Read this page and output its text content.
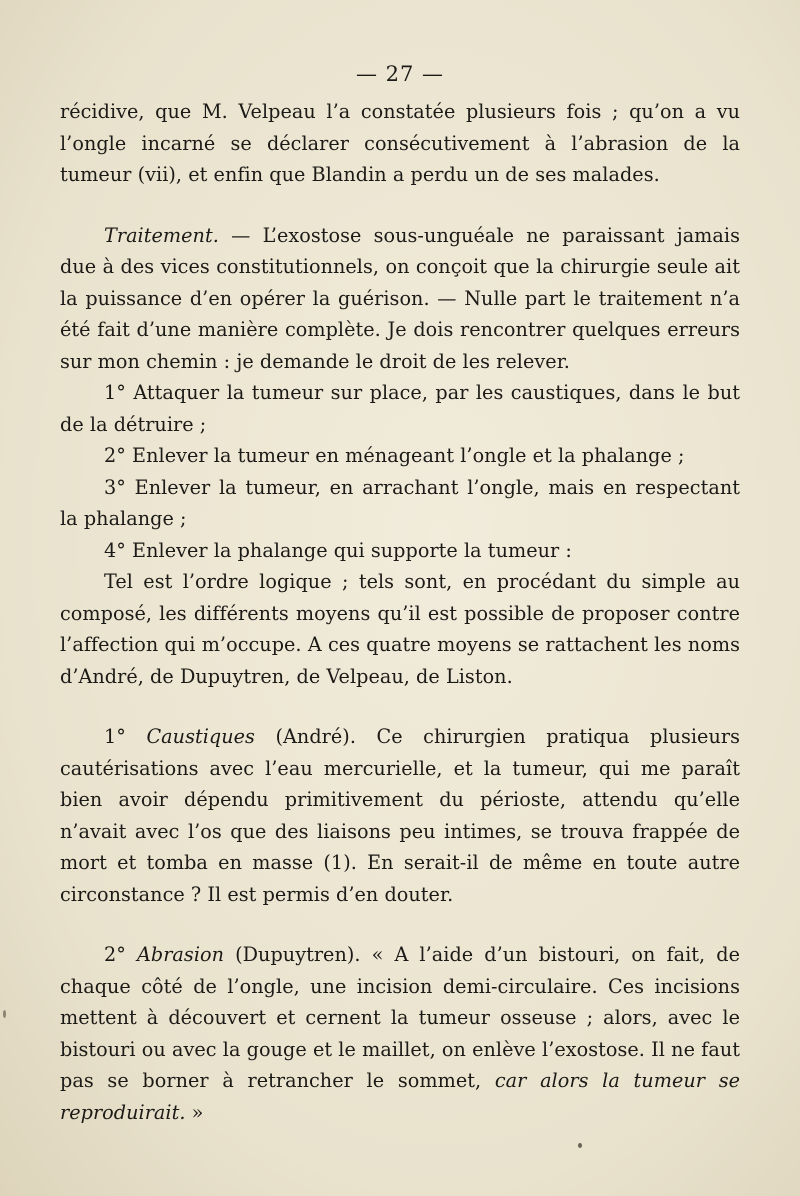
— 27 —

récidive, que M. Velpeau l’a constatée plusieurs fois ; qu’on a vu l’ongle incarné se déclarer consécutivement à l’abrasion de la tumeur (vii), et enfin que Blandin a perdu un de ses malades.

Traitement. — L’exostose sous-unguéale ne paraissant jamais due à des vices constitutionnels, on conçoit que la chirurgie seule ait la puissance d’en opérer la guérison. — Nulle part le traitement n’a été fait d’une manière complète. Je dois rencontrer quelques erreurs sur mon chemin : je demande le droit de les relever.

1° Attaquer la tumeur sur place, par les caustiques, dans le but de la détruire ;

2° Enlever la tumeur en ménageant l’ongle et la phalange ;

3° Enlever la tumeur, en arrachant l’ongle, mais en respectant la phalange ;

4° Enlever la phalange qui supporte la tumeur :

Tel est l’ordre logique ; tels sont, en procédant du simple au composé, les différents moyens qu’il est possible de proposer contre l’affection qui m’occupe. A ces quatre moyens se rattachent les noms d’André, de Dupuytren, de Velpeau, de Liston.

1° Caustiques (André). Ce chirurgien pratiqua plusieurs cautérisations avec l’eau mercurielle, et la tumeur, qui me paraît bien avoir dépendu primitivement du périoste, attendu qu’elle n’avait avec l’os que des liaisons peu intimes, se trouva frappée de mort et tomba en masse (1). En serait-il de même en toute autre circonstance ? Il est permis d’en douter.

2° Abrasion (Dupuytren). « A l’aide d’un bistouri, on fait, de chaque côté de l’ongle, une incision demi-circulaire. Ces incisions mettent à découvert et cernent la tumeur osseuse ; alors, avec le bistouri ou avec la gouge et le maillet, on enlève l’exostose. Il ne faut pas se borner à retrancher le sommet, car alors la tumeur se reproduirait. »
